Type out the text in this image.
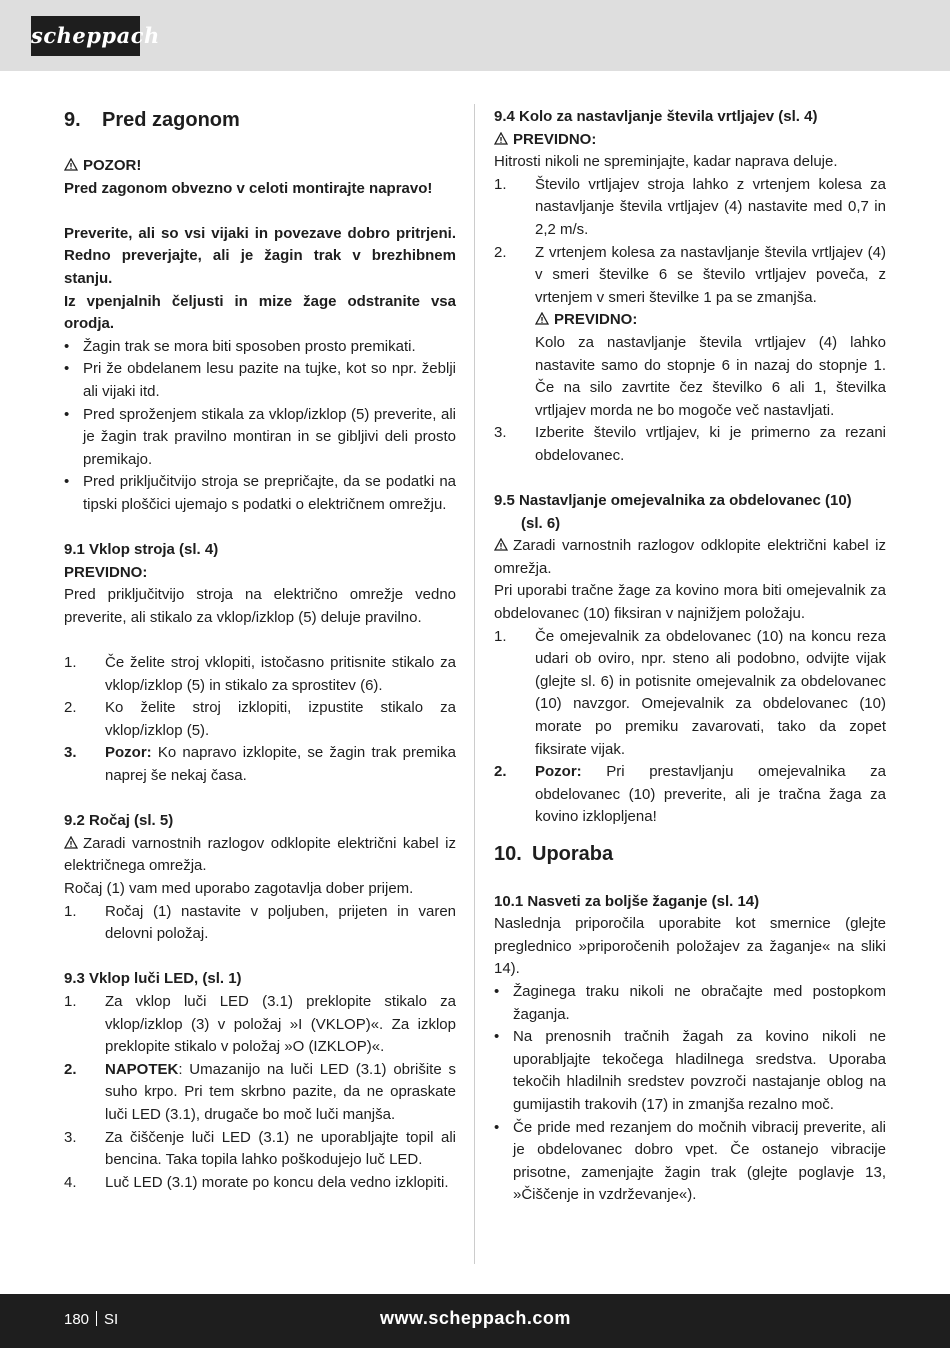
scheppach
9. Pred zagonom

POZOR!

Pred zagonom obvezno v celoti montirajte napravo!

Preverite, ali so vsi vijaki in povezave dobro pritrjeni. Redno preverjajte, ali je žagin trak v brezhibnem stanju.

Iz vpenjalnih čeljusti in mize žage odstranite vsa orodja.

• Žagin trak se mora biti sposoben prosto premikati.
• Pri že obdelanem lesu pazite na tujke, kot so npr. žeblji ali vijaki itd.
• Pred sproženjem stikala za vklop/izklop (5) preverite, ali je žagin trak pravilno montiran in se gibljivi deli prosto premikajo.
• Pred priključitvijo stroja se prepričajte, da se podatki na tipski ploščici ujemajo s podatki o električnem omrežju.

9.1 Vklop stroja (sl. 4)

PREVIDNO:

Pred priključitvijo stroja na električno omrežje vedno preverite, ali stikalo za vklop/izklop (5) deluje pravilno.

1. Če želite stroj vklopiti, istočasno pritisnite stikalo za vklop/izklop (5) in stikalo za sprostitev (6).
2. Ko želite stroj izklopiti, izpustite stikalo za vklop/izklop (5).
3. Pozor: Ko napravo izklopite, se žagin trak premika naprej še nekaj časa.

9.2 Ročaj (sl. 5)

Zaradi varnostnih razlogov odklopite električni kabel iz električnega omrežja.

Ročaj (1) vam med uporabo zagotavlja dober prijem.

1. Ročaj (1) nastavite v poljuben, prijeten in varen delovni položaj.

9.3 Vklop luči LED, (sl. 1)

1. Za vklop luči LED (3.1) preklopite stikalo za vklop/izklop (3) v položaj »I (VKLOP)«. Za izklop preklopite stikalo v položaj »O (IZKLOP)«.
2. NAPOTEK: Umazanijo na luči LED (3.1) obrišite s suho krpo. Pri tem skrbno pazite, da ne opraskate luči LED (3.1), drugače bo moč luči manjša.
3. Za čiščenje luči LED (3.1) ne uporabljajte topil ali bencina. Taka topila lahko poškodujejo luč LED.
4. Luč LED (3.1) morate po koncu dela vedno izklopiti.

9.4 Kolo za nastavljanje števila vrtljajev (sl. 4)

PREVIDNO:

Hitrosti nikoli ne spreminjajte, kadar naprava deluje.

1. Število vrtljajev stroja lahko z vrtenjem kolesa za nastavljanje števila vrtljajev (4) nastavite med 0,7 in 2,2 m/s.
2. Z vrtenjem kolesa za nastavljanje števila vrtljajev (4) v smeri številke 6 se število vrtljajev poveča, z vrtenjem v smeri številke 1 pa se zmanjša.
PREVIDNO:
Kolo za nastavljanje števila vrtljajev (4) lahko nastavite samo do stopnje 6 in nazaj do stopnje 1. Če na silo zavrtite čez številko 6 ali 1, številka vrtljajev morda ne bo mogoče več nastavljati.
3. Izberite število vrtljajev, ki je primerno za rezani obdelovanec.

9.5 Nastavljanje omejevalnika za obdelovanec (10)

(sl. 6)

Zaradi varnostnih razlogov odklopite električni kabel iz omrežja.

Pri uporabi tračne žage za kovino mora biti omejevalnik za obdelovanec (10) fiksiran v najnižjem položaju.

1. Če omejevalnik za obdelovanec (10) na koncu reza udari ob oviro, npr. steno ali podobno, odvijte vijak (glejte sl. 6) in potisnite omejevalnik za obdelovanec (10) navzgor. Omejevalnik za obdelovanec (10) morate po premiku zavarovati, tako da zopet fiksirate vijak.
2. Pozor: Pri prestavljanju omejevalnika za obdelovanec (10) preverite, ali je tračna žaga za kovino izklopljena!
10. Uporaba

10.1 Nasveti za boljše žaganje (sl. 14)

Naslednja priporočila uporabite kot smernice (glejte preglednico »priporočenih položajev za žaganje« na sliki 14).

• Žaginega traku nikoli ne obračajte med postopkom žaganja.
• Na prenosnih tračnih žagah za kovino nikoli ne uporabljajte tekočega hladilnega sredstva. Uporaba tekočih hladilnih sredstev povzroči nastajanje oblog na gumijastih trakovih (17) in zmanjša rezalno moč.
• Če pride med rezanjem do močnih vibracij preverite, ali je obdelovanec dobro vpet. Če ostanejo vibracije prisotne, zamenjajte žagin trak (glejte poglavje 13, »Čiščenje in vzdrževanje«).
180 SI	www.scheppach.com
